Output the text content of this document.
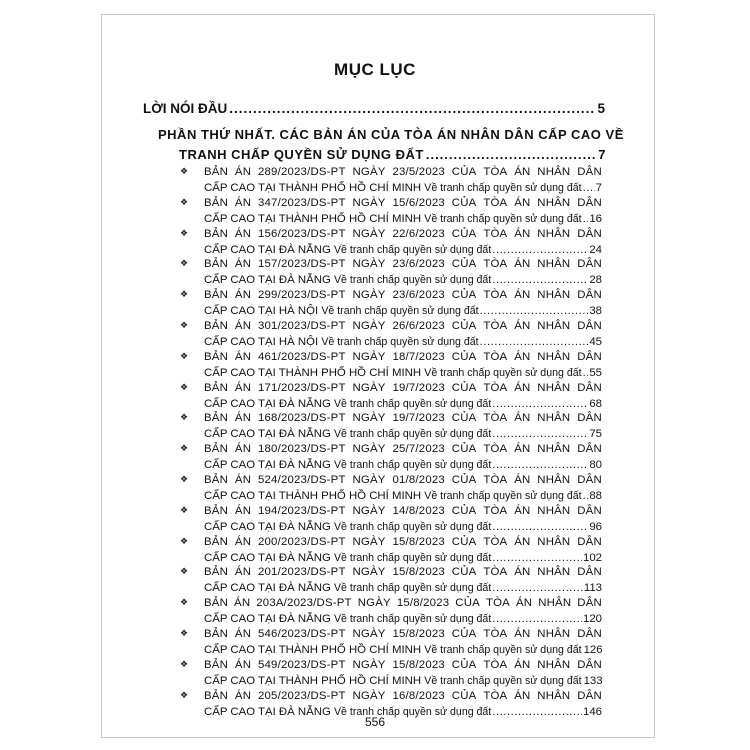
MỤC LỤC
LỜI NÓI ĐẦU .....	5
PHẦN THỨ NHẤT. CÁC BẢN ÁN CỦA TÒA ÁN NHÂN DÂN CẤP CAO VỀ
TRANH CHẤP QUYỀN SỬ DỤNG ĐẤT .....	7
❖ BẢN ÁN 289/2023/DS-PT NGÀY 23/5/2023 CỦA TÒA ÁN NHÂN DÂN
CẤP CAO TẠI THÀNH PHỐ HỒ CHÍ MINH
Về tranh chấp quyền sử dụng đất ..... 7
❖ BẢN ÁN 347/2023/DS-PT NGÀY 15/6/2023 CỦA TÒA ÁN NHÂN DÂN
CẤP CAO TẠI THÀNH PHỐ HỒ CHÍ MINH
Về tranh chấp quyền sử dụng đất ..... 16
❖ BẢN ÁN 156/2023/DS-PT NGÀY 22/6/2023 CỦA TÒA ÁN NHÂN DÂN
CẤP CAO TẠI ĐÀ NẴNG
Về tranh chấp quyền sử dụng đất .....	24
❖ BẢN ÁN 157/2023/DS-PT NGÀY 23/6/2023 CỦA TÒA ÁN NHÂN DÂN
CẤP CAO TẠI ĐÀ NẴNG
Về tranh chấp quyền sử dụng đất .....	28
❖ BẢN ÁN 299/2023/DS-PT NGÀY 23/6/2023 CỦA TÒA ÁN NHÂN DÂN
CẤP CAO TẠI HÀ NỘI
Về tranh chấp quyền sử dụng đất .....	38
❖ BẢN ÁN 301/2023/DS-PT NGÀY 26/6/2023 CỦA TÒA ÁN NHÂN DÂN
CẤP CAO TẠI HÀ NỘI
Về tranh chấp quyền sử dụng đất .....	45
❖ BẢN ÁN 461/2023/DS-PT NGÀY 18/7/2023 CỦA TÒA ÁN NHÂN DÂN
CẤP CAO TẠI THÀNH PHỐ HỒ CHÍ MINH
Về tranh chấp quyền sử dụng đất ..... 55
❖ BẢN ÁN 171/2023/DS-PT NGÀY 19/7/2023 CỦA TÒA ÁN NHÂN DÂN
CẤP CAO TẠI ĐÀ NẴNG
Về tranh chấp quyền sử dụng đất .....	68
❖ BẢN ÁN 168/2023/DS-PT NGÀY 19/7/2023 CỦA TÒA ÁN NHÂN DÂN
CẤP CAO TẠI ĐÀ NẴNG
Về tranh chấp quyền sử dụng đất .....	75
❖ BẢN ÁN 180/2023/DS-PT NGÀY 25/7/2023 CỦA TÒA ÁN NHÂN DÂN
CẤP CAO TẠI ĐÀ NẴNG
Về tranh chấp quyền sử dụng đất .....	80
❖ BẢN ÁN 524/2023/DS-PT NGÀY 01/8/2023 CỦA TÒA ÁN NHÂN DÂN
CẤP CAO TẠI THÀNH PHỐ HỒ CHÍ MINH
Về tranh chấp quyền sử dụng đất ..... 88
❖ BẢN ÁN 194/2023/DS-PT NGÀY 14/8/2023 CỦA TÒA ÁN NHÂN DÂN
CẤP CAO TẠI ĐÀ NẴNG
Về tranh chấp quyền sử dụng đất .....	96
❖ BẢN ÁN 200/2023/DS-PT NGÀY 15/8/2023 CỦA TÒA ÁN NHÂN DÂN
CẤP CAO TẠI ĐÀ NẴNG
Về tranh chấp quyền sử dụng đất .....	102
❖ BẢN ÁN 201/2023/DS-PT NGÀY 15/8/2023 CỦA TÒA ÁN NHÂN DÂN
CẤP CAO TẠI ĐÀ NẴNG
Về tranh chấp quyền sử dụng đất .....	113
❖ BẢN ÁN 203A/2023/DS-PT NGÀY 15/8/2023 CỦA TÒA ÁN NHÂN DÂN
CẤP CAO TẠI ĐÀ NẴNG
Về tranh chấp quyền sử dụng đất .....	120
❖ BẢN ÁN 546/2023/DS-PT NGÀY 15/8/2023 CỦA TÒA ÁN NHÂN DÂN
CẤP CAO TẠI THÀNH PHỐ HỒ CHÍ MINH
Về tranh chấp quyền sử dụng đất 126
❖ BẢN ÁN 549/2023/DS-PT NGÀY 15/8/2023 CỦA TÒA ÁN NHÂN DÂN
CẤP CAO TẠI THÀNH PHỐ HỒ CHÍ MINH
Về tranh chấp quyền sử dụng đất 133
❖ BẢN ÁN 205/2023/DS-PT NGÀY 16/8/2023 CỦA TÒA ÁN NHÂN DÂN
CẤP CAO TẠI ĐÀ NẴNG
Về tranh chấp quyền sử dụng đất .....	146
556
